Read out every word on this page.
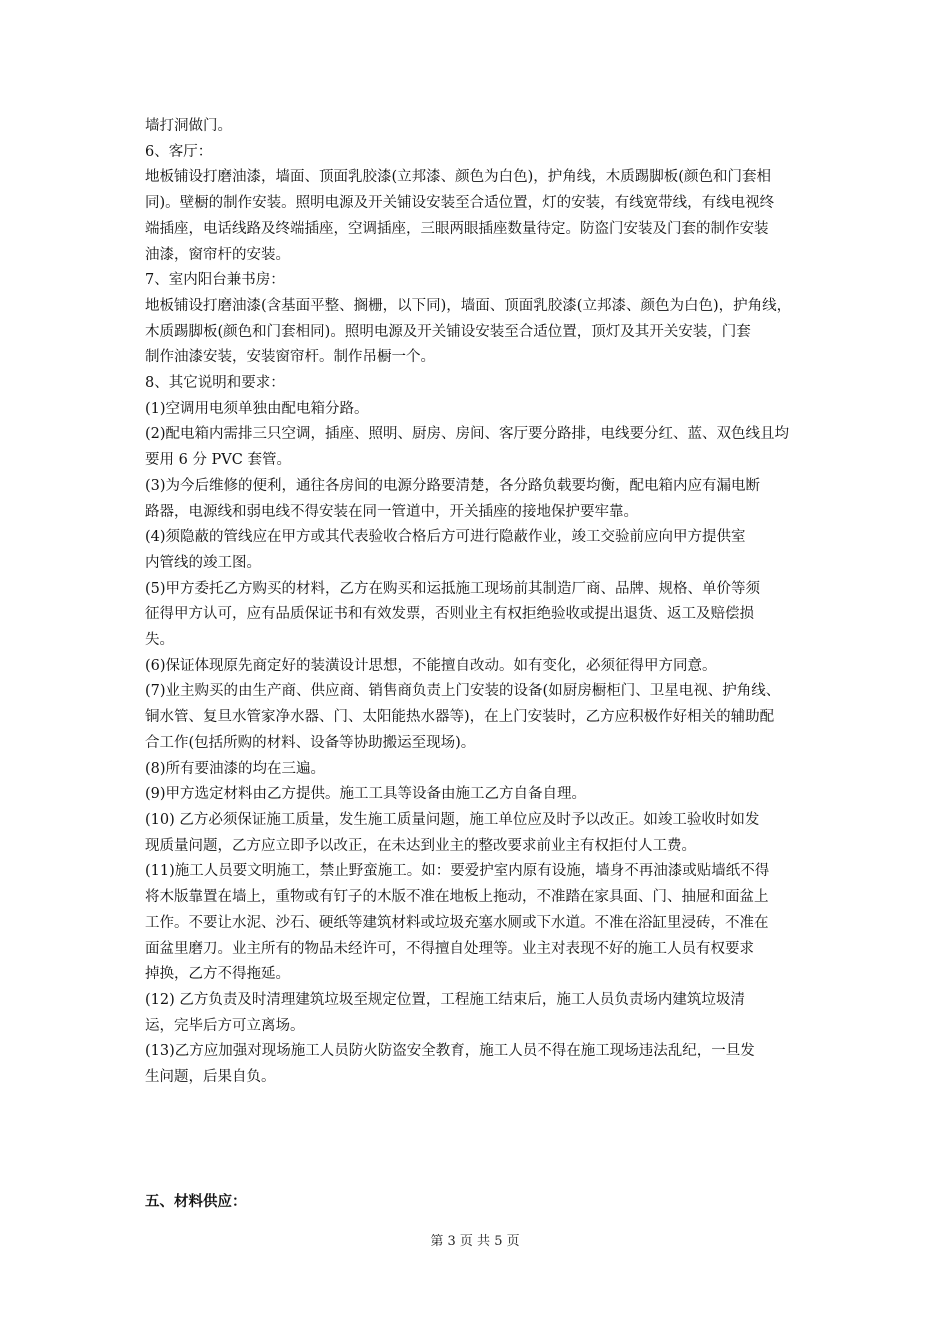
墙打洞做门。
6、客厅：
地板铺设打磨油漆，墙面、顶面乳胶漆(立邦漆、颜色为白色)，护角线，木质踢脚板(颜色和门套相
同)。壁橱的制作安装。照明电源及开关铺设安装至合适位置，灯的安装，有线宽带线，有线电视终
端插座，电话线路及终端插座，空调插座，三眼两眼插座数量待定。防盗门安装及门套的制作安装
油漆，窗帘杆的安装。
7、室内阳台兼书房：
地板铺设打磨油漆(含基面平整、搁栅，以下同)，墙面、顶面乳胶漆(立邦漆、颜色为白色)，护角线，
木质踢脚板(颜色和门套相同)。照明电源及开关铺设安装至合适位置，顶灯及其开关安装，门套
制作油漆安装，安装窗帘杆。制作吊橱一个。
8、其它说明和要求：
(1)空调用电须单独由配电箱分路。
(2)配电箱内需排三只空调，插座、照明、厨房、房间、客厅要分路排，电线要分红、蓝、双色线且均
要用 6 分 PVC 套管。
(3)为今后维修的便利，通往各房间的电源分路要清楚，各分路负载要均衡，配电箱内应有漏电断
路器，电源线和弱电线不得安装在同一管道中，开关插座的接地保护要牢靠。
(4)须隐蔽的管线应在甲方或其代表验收合格后方可进行隐蔽作业，竣工交验前应向甲方提供室
内管线的竣工图。
(5)甲方委托乙方购买的材料，乙方在购买和运抵施工现场前其制造厂商、品牌、规格、单价等须
征得甲方认可，应有品质保证书和有效发票，否则业主有权拒绝验收或提出退货、返工及赔偿损
失。
(6)保证体现原先商定好的装潢设计思想，不能擅自改动。如有变化，必须征得甲方同意。
(7)业主购买的由生产商、供应商、销售商负责上门安装的设备(如厨房橱柜门、卫星电视、护角线、
铜水管、复旦水管家净水器、门、太阳能热水器等)，在上门安装时，乙方应积极作好相关的辅助配
合工作(包括所购的材料、设备等协助搬运至现场)。
(8)所有要油漆的均在三遍。
(9)甲方选定材料由乙方提供。施工工具等设备由施工乙方自备自理。
(10) 乙方必须保证施工质量，发生施工质量问题，施工单位应及时予以改正。如竣工验收时如发
现质量问题，乙方应立即予以改正，在未达到业主的整改要求前业主有权拒付人工费。
(11)施工人员要文明施工，禁止野蛮施工。如：要爱护室内原有设施，墙身不再油漆或贴墙纸不得
将木版靠置在墙上，重物或有钉子的木版不准在地板上拖动，不准踏在家具面、门、抽屉和面盆上
工作。不要让水泥、沙石、硬纸等建筑材料或垃圾充塞水厕或下水道。不准在浴缸里浸砖，不准在
面盆里磨刀。业主所有的物品未经许可，不得擅自处理等。业主对表现不好的施工人员有权要求
掉换，乙方不得拖延。
(12) 乙方负责及时清理建筑垃圾至规定位置，工程施工结束后，施工人员负责场内建筑垃圾清
运，完毕后方可立离场。
(13)乙方应加强对现场施工人员防火防盗安全教育，施工人员不得在施工现场违法乱纪，一旦发
生问题，后果自负。
五、材料供应：
第 3 页 共 5 页
